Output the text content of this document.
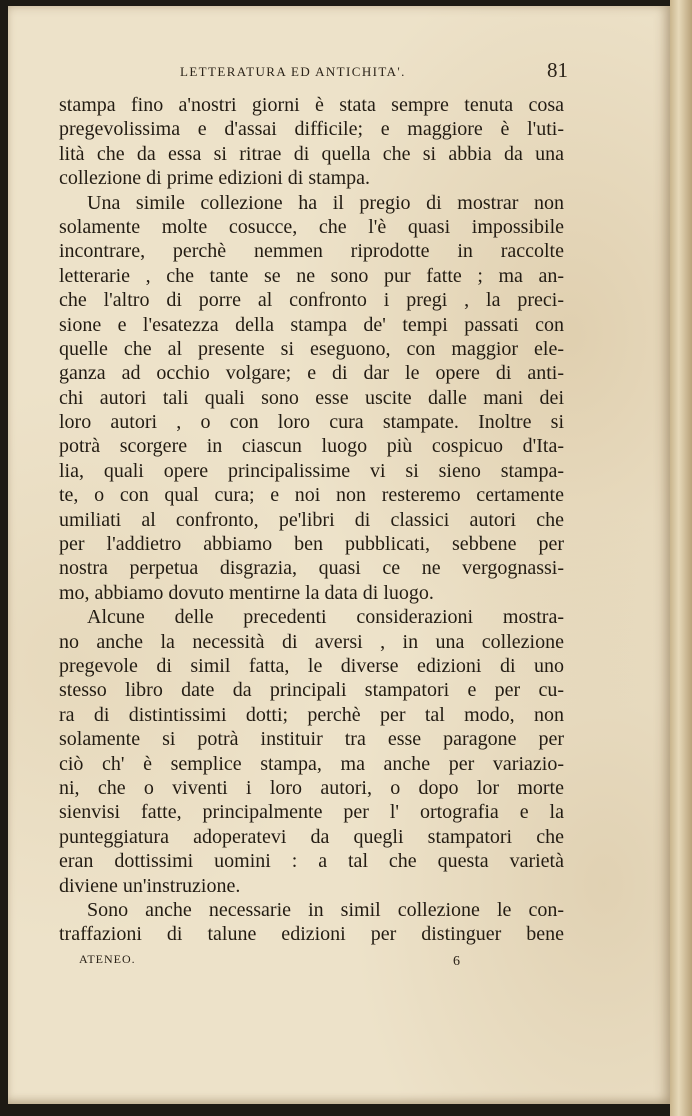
LETTERATURA ED ANTICHITA'.	81
stampa fino a'nostri giorni è stata sempre tenuta cosa
pregevolissima e d'assai difficile; e maggiore è l'uti-
lità che da essa si ritrae di quella che si abbia da una
collezione di prime edizioni di stampa.
Una simile collezione ha il pregio di mostrar non
solamente molte cosucce, che l'è quasi impossibile
incontrare, perchè nemmen riprodotte in raccolte
letterarie , che tante se ne sono pur fatte ; ma an-
che l'altro di porre al confronto i pregi , la preci-
sione e l'esatezza della stampa de' tempi passati con
quelle che al presente si eseguono, con maggior ele-
ganza ad occhio volgare; e di dar le opere di anti-
chi autori tali quali sono esse uscite dalle mani dei
loro autori , o con loro cura stampate. Inoltre si
potrà scorgere in ciascun luogo più cospicuo d'Ita-
lia, quali opere principalissime vi si sieno stampa-
te, o con qual cura; e noi non resteremo certamente
umiliati al confronto, pe'libri di classici autori che
per l'addietro abbiamo ben pubblicati, sebbene per
nostra perpetua disgrazia, quasi ce ne vergognassi-
mo, abbiamo dovuto mentirne la data di luogo.
Alcune delle precedenti considerazioni mostra-
no anche la necessità di aversi , in una collezione
pregevole di simil fatta, le diverse edizioni di uno
stesso libro date da principali stampatori e per cu-
ra di distintissimi dotti; perchè per tal modo, non
solamente si potrà instituir tra esse paragone per
ciò ch' è semplice stampa, ma anche per variazio-
ni, che o viventi i loro autori, o dopo lor morte
sienvisi fatte, principalmente per l' ortografia e la
punteggiatura adoperatevi da quegli stampatori che
eran dottissimi uomini : a tal che questa varietà
diviene un'instruzione.
Sono anche necessarie in simil collezione le con-
traffazioni di talune edizioni per distinguer bene
ATENEO.	6
